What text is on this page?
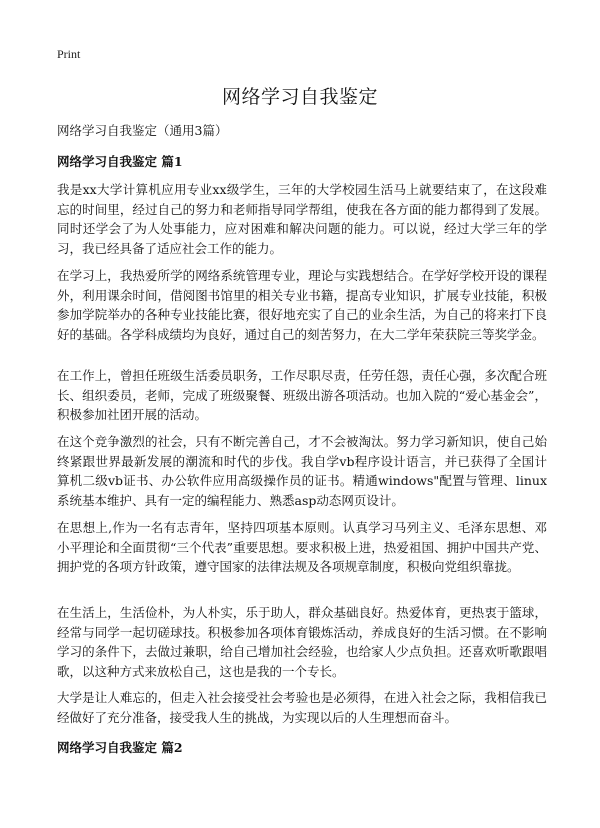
Print
网络学习自我鉴定
网络学习自我鉴定（通用3篇）
网络学习自我鉴定 篇1

我是xx大学计算机应用专业xx级学生，三年的大学校园生活马上就要结束了，在这段难忘的时间里，经过自己的努力和老师指导同学帮组，使我在各方面的能力都得到了发展。同时还学会了为人处事能力，应对困难和解决问题的能力。可以说，经过大学三年的学习，我已经具备了适应社会工作的能力。

在学习上，我热爱所学的网络系统管理专业，理论与实践想结合。在学好学校开设的课程外，利用课余时间，借阅图书馆里的相关专业书籍，提高专业知识，扩展专业技能，积极参加学院举办的各种专业技能比赛，很好地充实了自己的业余生活，为自己的将来打下良好的基础。各学科成绩均为良好，通过自己的刻苦努力，在大二学年荣获院三等奖学金。

在工作上，曾担任班级生活委员职务，工作尽职尽责，任劳任怨，责任心强，多次配合班长、组织委员，老师，完成了班级聚餐、班级出游各项活动。也加入院的“爱心基金会”，积极参加社团开展的活动。

在这个竞争激烈的社会，只有不断完善自己，才不会被淘汰。努力学习新知识，使自己始终紧跟世界最新发展的潮流和时代的步伐。我自学vb程序设计语言，并已获得了全国计算机二级vb证书、办公软件应用高级操作员的证书。精通windows"配置与管理、linux 系统基本维护、具有一定的编程能力、熟悉asp动态网页设计。

在思想上,作为一名有志青年，坚持四项基本原则。认真学习马列主义、毛泽东思想、邓小平理论和全面贯彻“三个代表”重要思想。要求积极上进，热爱祖国、拥护中国共产党、拥护党的各项方针政策，遵守国家的法律法规及各项规章制度，积极向党组织靠拢。

在生活上，生活俭朴，为人朴实，乐于助人，群众基础良好。热爱体育，更热衷于篮球，经常与同学一起切磋球技。积极参加各项体育锻炼活动，养成良好的生活习惯。在不影响学习的条件下，去做过兼职，给自己增加社会经验，也给家人少点负担。还喜欢听歌跟唱歌，以这种方式来放松自己，这也是我的一个专长。

大学是让人难忘的，但走入社会接受社会考验也是必须得，在进入社会之际，我相信我已经做好了充分准备，接受我人生的挑战，为实现以后的人生理想而奋斗。

网络学习自我鉴定 篇2
